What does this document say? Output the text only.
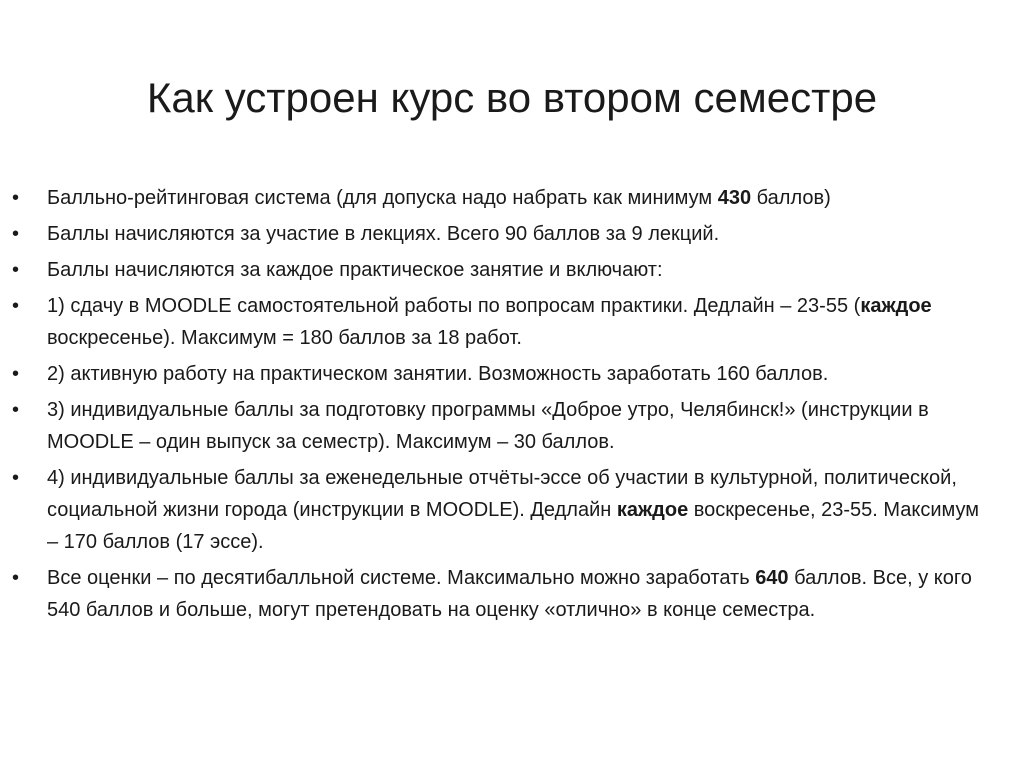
Как устроен курс во втором семестре
•	Балльно-рейтинговая система (для допуска надо набрать как минимум 430 баллов)
•	Баллы начисляются за участие в лекциях. Всего 90 баллов за 9 лекций.
•	Баллы начисляются за каждое практическое занятие и включают:
•	1) сдачу в MOODLE самостоятельной работы по вопросам практики. Дедлайн – 23-55 (каждое воскресенье). Максимум = 180 баллов за 18 работ.
•	2) активную работу на практическом занятии. Возможность заработать 160 баллов.
•	3) индивидуальные баллы за подготовку программы «Доброе утро, Челябинск!» (инструкции в MOODLE – один выпуск за семестр). Максимум – 30 баллов.
•	4) индивидуальные баллы за еженедельные отчёты-эссе об участии в культурной, политической, социальной жизни города (инструкции в MOODLE). Дедлайн каждое воскресенье, 23-55. Максимум – 170 баллов (17 эссе).
•	Все оценки – по десятибалльной системе. Максимально можно заработать 640 баллов. Все, у кого 540 баллов и больше, могут претендовать на оценку «отлично» в конце семестра.
